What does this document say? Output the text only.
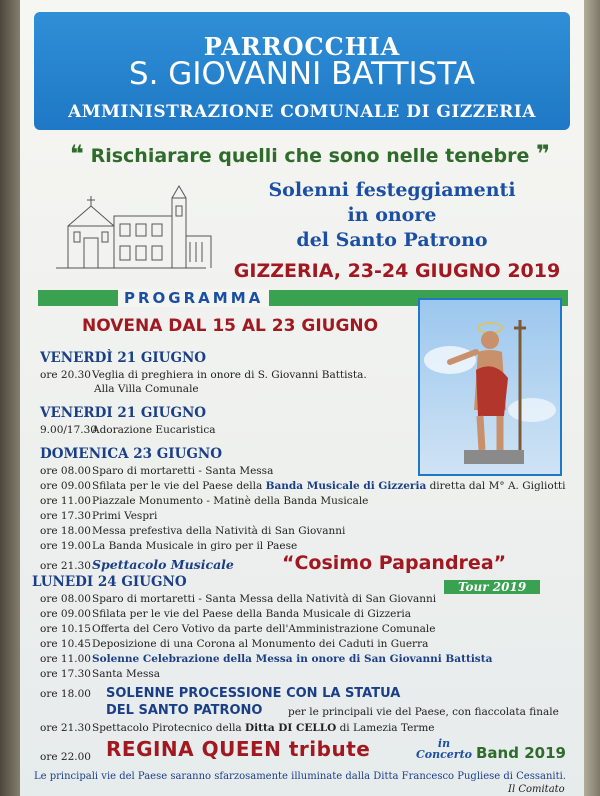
PARROCCHIA
S. GIOVANNI BATTISTA
AMMINISTRAZIONE COMUNALE DI GIZZERIA
❝ Rischiarare quelli che sono nelle tenebre ❞
Solenni festeggiamenti
in onore
del Santo Patrono
GIZZERIA, 23-24 GIUGNO 2019
PROGRAMMA
NOVENA DAL 15 AL 23 GIUGNO
VENERDÌ 21 GIUGNO
ore 20.30Veglia di preghiera in onore di S. Giovanni Battista.
Alla Villa Comunale
VENERDI 21 GIUGNO
9.00/17.30Adorazione Eucaristica
DOMENICA 23 GIUGNO
ore 08.00Sparo di mortaretti - Santa Messa
ore 09.00Sfilata per le vie del Paese della Banda Musicale di Gizzeria diretta dal M° A. Gigliotti
ore 11.00Piazzale Monumento - Matinè della Banda Musicale
ore 17.30Primi Vespri
ore 18.00Messa prefestiva della Natività di San Giovanni
ore 19.00La Banda Musicale in giro per il Paese
ore 21.30Spettacolo Musicale	“Cosimo Papandrea”
Tour 2019
LUNEDI 24 GIUGNO
ore 08.00Sparo di mortaretti - Santa Messa della Natività di San Giovanni
ore 09.00Sfilata per le vie del Paese della Banda Musicale di Gizzeria
ore 10.15Offerta del Cero Votivo da parte dell'Amministrazione Comunale
ore 10.45Deposizione di una Corona al Monumento dei Caduti in Guerra
ore 11.00Solenne Celebrazione della Messa in onore di San Giovanni Battista
ore 17.30Santa Messa
ore 18.00 SOLENNE PROCESSIONE CON LA STATUA
DEL SANTO PATRONO per le principali vie del Paese, con fiaccolata finale
ore 21.30Spettacolo Pirotecnico della Ditta DI CELLO di Lamezia Terme
ore 22.00 REGINA QUEEN tribute	in
Concerto Band 2019
Le principali vie del Paese saranno sfarzosamente illuminate dalla Ditta Francesco Pugliese di Cessaniti.
Il Comitato
